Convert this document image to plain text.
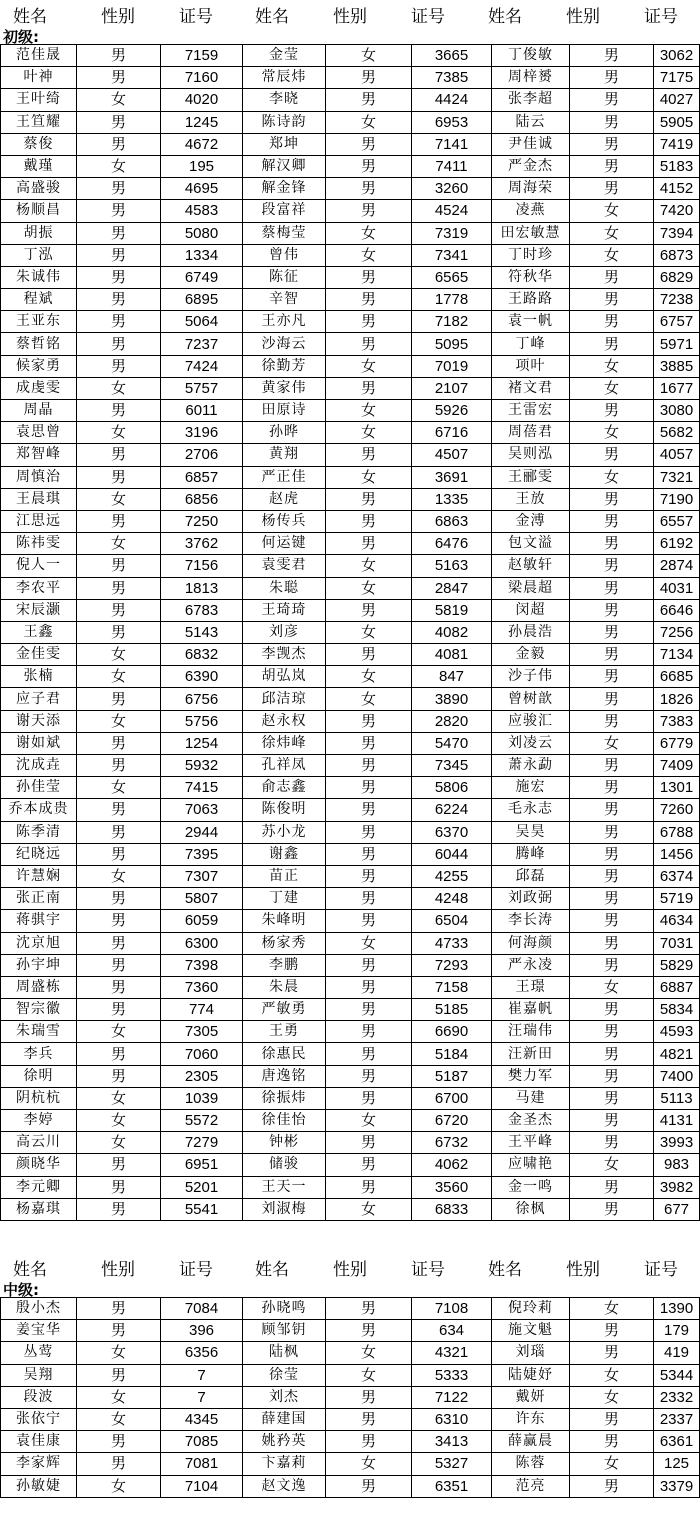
姓名	性别	证号	姓名	性别	证号	姓名	性别	证号
初级:
范佳晟	男	7159	金莹	女	3665	丁俊敏	男	3062
叶神	男	7160	常辰炜	男	7385	周梓赟	男	7175
王叶绮	女	4020	李晓	男	4424	张李超	男	4027
王笪耀	男	1245	陈诗韵	女	6953	陆云	男	5905
蔡俊	男	4672	郑坤	男	7141	尹佳诚	男	7419
戴瑾	女	195	解汉卿	男	7411	严金杰	男	5183
高盛骏	男	4695	解金锋	男	3260	周海荣	男	4152
杨顺昌	男	4583	段富祥	男	4524	凌燕	女	7420
胡振	男	5080	蔡梅莹	女	7319	田宏敏慧	女	7394
丁泓	男	1334	曾伟	女	7341	丁时珍	女	6873
朱诚伟	男	6749	陈征	男	6565	符秋华	男	6829
程斌	男	6895	辛智	男	1778	王路路	男	7238
王亚东	男	5064	王亦凡	男	7182	袁一帆	男	6757
蔡哲铭	男	7237	沙海云	男	5095	丁峰	男	5971
候家勇	男	7424	徐勤芳	女	7019	项叶	女	3885
成虔雯	女	5757	黄家伟	男	2107	褚文君	女	1677
周晶	男	6011	田原诗	女	5926	王雷宏	男	3080
袁思曾	女	3196	孙晔	女	6716	周蓓君	女	5682
郑智峰	男	2706	黄翔	男	4507	吴则泓	男	4057
周慎治	男	6857	严正佳	女	3691	王郦雯	女	7321
王晨琪	女	6856	赵虎	男	1335	王放	男	7190
江思远	男	7250	杨传兵	男	6863	金溥	男	6557
陈祎雯	女	3762	何运键	男	6476	包文溢	男	6192
倪人一	男	7156	袁雯君	女	5163	赵敏轩	男	2874
李农平	男	1813	朱聪	女	2847	梁晨超	男	4031
宋辰灏	男	6783	王琦琦	男	5819	闵超	男	6646
王鑫	男	5143	刘彦	女	4082	孙晨浩	男	7256
金佳雯	女	6832	李觊杰	男	4081	金毅	男	7134
张楠	女	6390	胡弘岚	女	847	沙子伟	男	6685
应子君	男	6756	邱洁琼	女	3890	曾树歆	男	1826
谢天添	女	5756	赵永权	男	2820	应骏汇	男	7383
谢如斌	男	1254	徐炜峰	男	5470	刘凌云	女	6779
沈成垚	男	5932	孔祥凤	男	7345	萧永勐	男	7409
孙佳莹	女	7415	俞志鑫	男	5806	施宏	男	1301
乔本成贵	男	7063	陈俊明	男	6224	毛永志	男	7260
陈季清	男	2944	苏小龙	男	6370	吴昊	男	6788
纪晓远	男	7395	谢鑫	男	6044	腾峰	男	1456
许慧娴	女	7307	苗正	男	4255	邱磊	男	6374
张正南	男	5807	丁建	男	4248	刘政弼	男	5719
蒋骐宇	男	6059	朱峰明	男	6504	李长涛	男	4634
沈京旭	男	6300	杨家秀	女	4733	何海颜	男	7031
孙宇坤	男	7398	李鹏	男	7293	严永凌	男	5829
周盛栋	男	7360	朱晨	男	7158	王璟	女	6887
智宗徽	男	774	严敏勇	男	5185	崔嘉帆	男	5834
朱瑞雪	女	7305	王勇	男	6690	汪瑞伟	男	4593
李兵	男	7060	徐惠民	男	5184	汪新田	男	4821
徐明	男	2305	唐逸铭	男	5187	樊力军	男	7400
阴杭杭	女	1039	徐振炜	男	6700	马建	男	5113
李婷	女	5572	徐佳怡	女	6720	金圣杰	男	4131
高云川	女	7279	钟彬	男	6732	王平峰	男	3993
颜晓华	男	6951	储骏	男	4062	应啸艳	女	983
李元卿	男	5201	王天一	男	3560	金一鸣	男	3982
杨嘉琪	男	5541	刘淑梅	女	6833	徐枫	男	677
姓名	性别	证号	姓名	性别	证号	姓名	性别	证号
中级:
殷小杰	男	7084	孙晓鸣	男	7108	倪玲莉	女	1390
姜宝华	男	396	顾邹钥	男	634	施文魁	男	179
丛莺	女	6356	陆枫	女	4321	刘瑙	男	419
吴翔	男	7	徐莹	女	5333	陆婕妤	女	5344
段波	女	7	刘杰	男	7122	戴妍	女	2332
张依宁	女	4345	薛建国	男	6310	许东	男	2337
袁佳康	男	7085	姚矜英	男	3413	薛赢晨	男	6361
李家辉	男	7081	卞嘉莉	女	5327	陈蓉	女	125
孙敏婕	女	7104	赵文逸	男	6351	范亮	男	3379
